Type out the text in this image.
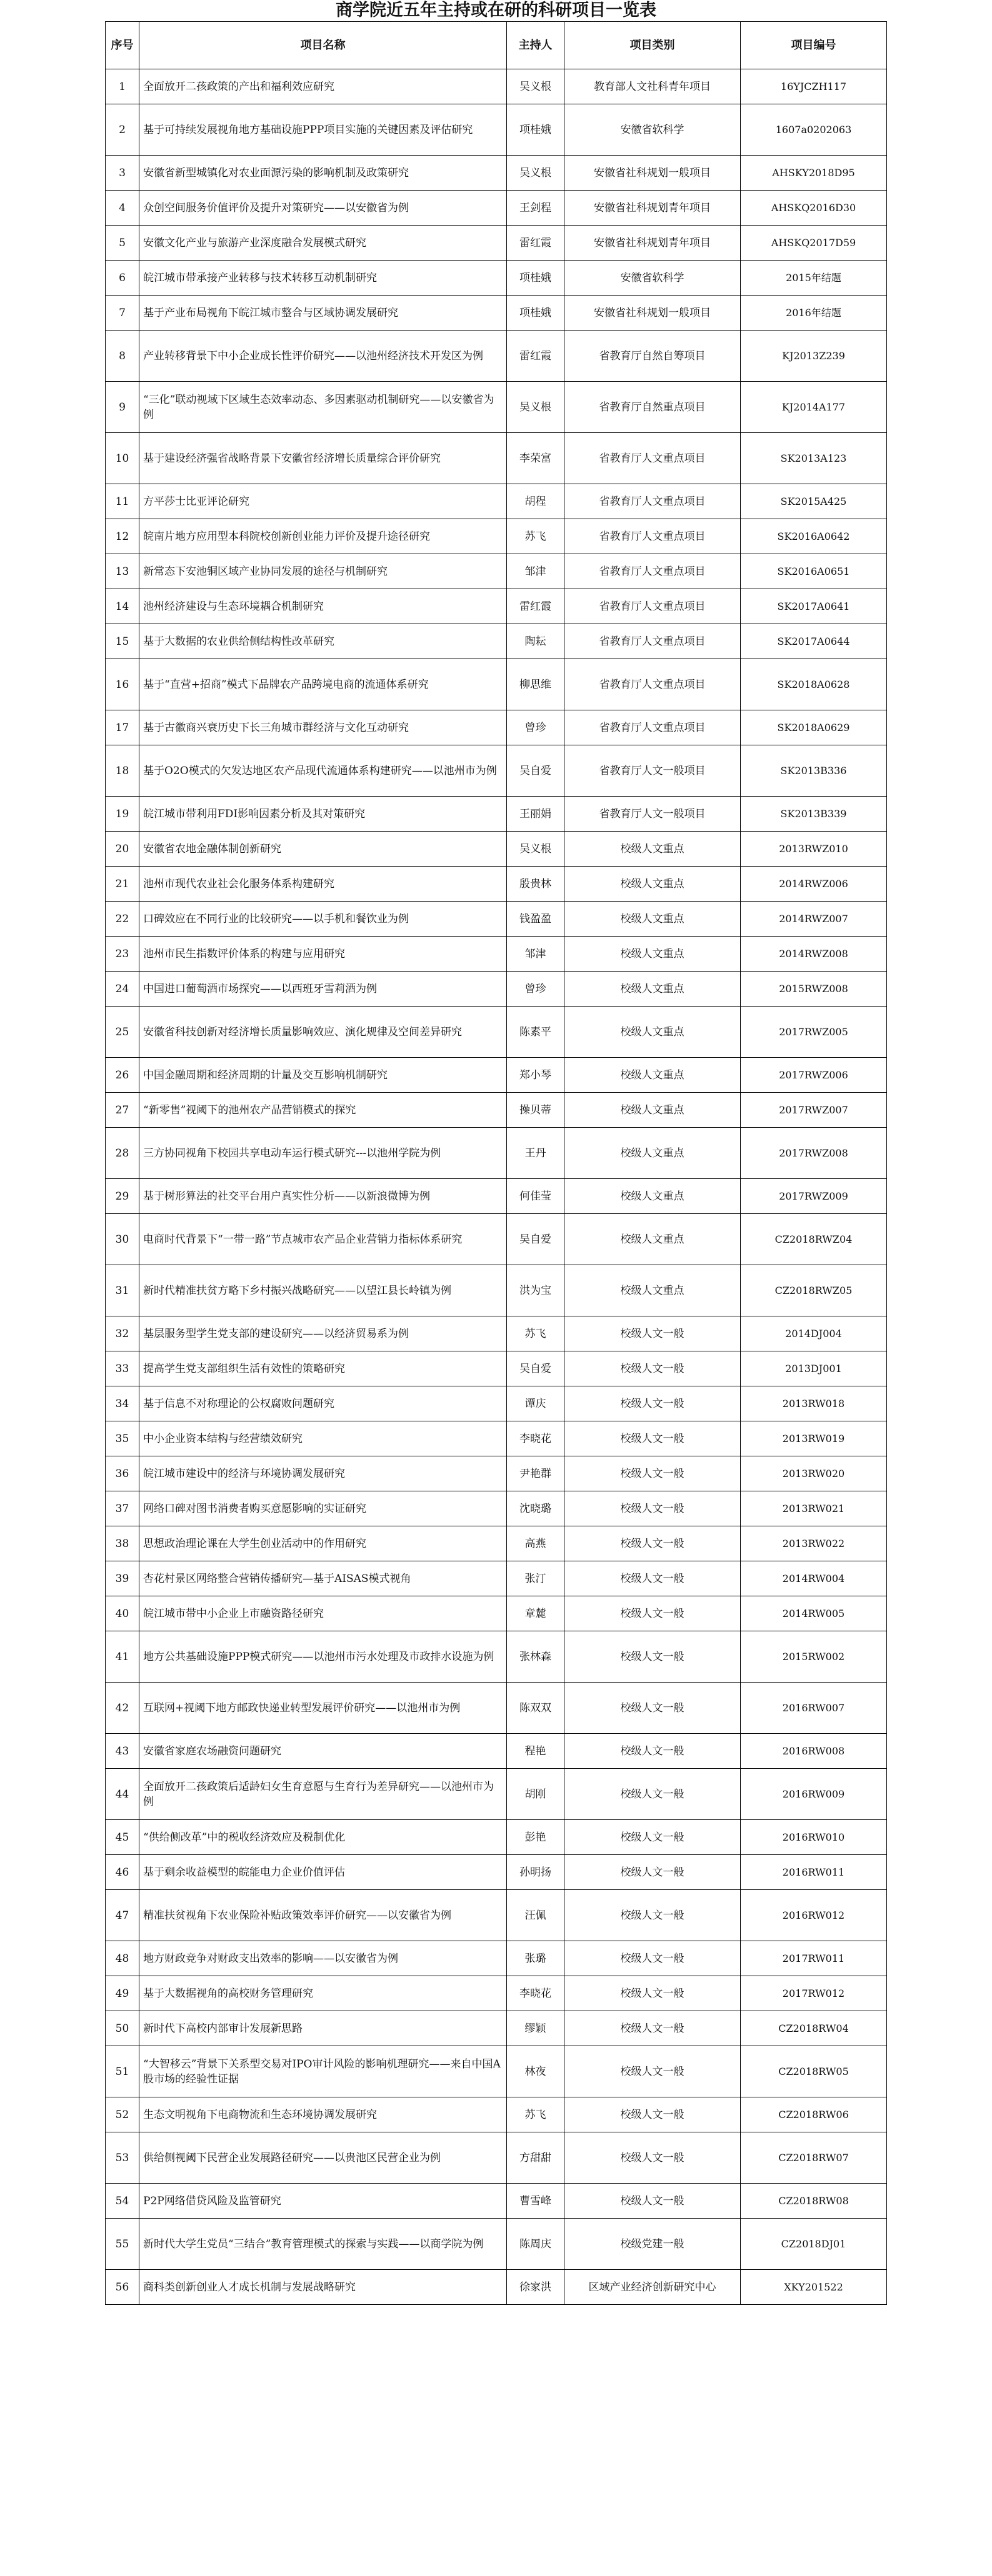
商学院近五年主持或在研的科研项目一览表
序号	项目名称	主持人	项目类别	项目编号
1	全面放开二孩政策的产出和福利效应研究	吴义根	教育部人文社科青年项目	16YJCZH117
2	基于可持续发展视角地方基础设施PPP项目实施的关键因素及评估研究	项桂娥	安徽省软科学	1607a0202063
3	安徽省新型城镇化对农业面源污染的影响机制及政策研究	吴义根	安徽省社科规划一般项目	AHSKY2018D95
4	众创空间服务价值评价及提升对策研究——以安徽省为例	王剑程	安徽省社科规划青年项目	AHSKQ2016D30
5	安徽文化产业与旅游产业深度融合发展模式研究	雷红霞	安徽省社科规划青年项目	AHSKQ2017D59
6	皖江城市带承接产业转移与技术转移互动机制研究	项桂娥	安徽省软科学	2015年结题
7	基于产业布局视角下皖江城市整合与区域协调发展研究	项桂娥	安徽省社科规划一般项目	2016年结题
8	产业转移背景下中小企业成长性评价研究——以池州经济技术开发区为例	雷红霞	省教育厅自然自筹项目	KJ2013Z239
9	“三化”联动视域下区域生态效率动态、多因素驱动机制研究——以安徽省为例	吴义根	省教育厅自然重点项目	KJ2014A177
10	基于建设经济强省战略背景下安徽省经济增长质量综合评价研究	李荣富	省教育厅人文重点项目	SK2013A123
11	方平莎士比亚评论研究	胡程	省教育厅人文重点项目	SK2015A425
12	皖南片地方应用型本科院校创新创业能力评价及提升途径研究	苏飞	省教育厅人文重点项目	SK2016A0642
13	新常态下安池铜区域产业协同发展的途径与机制研究	邹津	省教育厅人文重点项目	SK2016A0651
14	池州经济建设与生态环境耦合机制研究	雷红霞	省教育厅人文重点项目	SK2017A0641
15	基于大数据的农业供给侧结构性改革研究	陶耘	省教育厅人文重点项目	SK2017A0644
16	基于“直营+招商”模式下品牌农产品跨境电商的流通体系研究	柳思维	省教育厅人文重点项目	SK2018A0628
17	基于古徽商兴衰历史下长三角城市群经济与文化互动研究	曾珍	省教育厅人文重点项目	SK2018A0629
18	基于O2O模式的欠发达地区农产品现代流通体系构建研究——以池州市为例	吴自爱	省教育厅人文一般项目	SK2013B336
19	皖江城市带利用FDI影响因素分析及其对策研究	王丽娟	省教育厅人文一般项目	SK2013B339
20	安徽省农地金融体制创新研究	吴义根	校级人文重点	2013RWZ010
21	池州市现代农业社会化服务体系构建研究	殷贵林	校级人文重点	2014RWZ006
22	口碑效应在不同行业的比较研究——以手机和餐饮业为例	钱盈盈	校级人文重点	2014RWZ007
23	池州市民生指数评价体系的构建与应用研究	邹津	校级人文重点	2014RWZ008
24	中国进口葡萄酒市场探究——以西班牙雪莉酒为例	曾珍	校级人文重点	2015RWZ008
25	安徽省科技创新对经济增长质量影响效应、演化规律及空间差异研究	陈素平	校级人文重点	2017RWZ005
26	中国金融周期和经济周期的计量及交互影响机制研究	郑小琴	校级人文重点	2017RWZ006
27	“新零售”视阈下的池州农产品营销模式的探究	操贝蒂	校级人文重点	2017RWZ007
28	三方协同视角下校园共享电动车运行模式研究---以池州学院为例	王丹	校级人文重点	2017RWZ008
29	基于树形算法的社交平台用户真实性分析——以新浪微博为例	何佳莹	校级人文重点	2017RWZ009
30	电商时代背景下“一带一路”节点城市农产品企业营销力指标体系研究	吴自爱	校级人文重点	CZ2018RWZ04
31	新时代精准扶贫方略下乡村振兴战略研究——以望江县长岭镇为例	洪为宝	校级人文重点	CZ2018RWZ05
32	基层服务型学生党支部的建设研究——以经济贸易系为例	苏飞	校级人文一般	2014DJ004
33	提高学生党支部组织生活有效性的策略研究	吴自爱	校级人文一般	2013DJ001
34	基于信息不对称理论的公权腐败问题研究	谭庆	校级人文一般	2013RW018
35	中小企业资本结构与经营绩效研究	李晓花	校级人文一般	2013RW019
36	皖江城市建设中的经济与环境协调发展研究	尹艳群	校级人文一般	2013RW020
37	网络口碑对图书消费者购买意愿影响的实证研究	沈晓璐	校级人文一般	2013RW021
38	思想政治理论课在大学生创业活动中的作用研究	高燕	校级人文一般	2013RW022
39	杏花村景区网络整合营销传播研究—基于AISAS模式视角	张汀	校级人文一般	2014RW004
40	皖江城市带中小企业上市融资路径研究	章麓	校级人文一般	2014RW005
41	地方公共基础设施PPP模式研究——以池州市污水处理及市政排水设施为例	张林森	校级人文一般	2015RW002
42	互联网+视阈下地方邮政快递业转型发展评价研究——以池州市为例	陈双双	校级人文一般	2016RW007
43	安徽省家庭农场融资问题研究	程艳	校级人文一般	2016RW008
44	全面放开二孩政策后适龄妇女生育意愿与生育行为差异研究——以池州市为例	胡刚	校级人文一般	2016RW009
45	“供给侧改革”中的税收经济效应及税制优化	彭艳	校级人文一般	2016RW010
46	基于剩余收益模型的皖能电力企业价值评估	孙明扬	校级人文一般	2016RW011
47	精准扶贫视角下农业保险补贴政策效率评价研究——以安徽省为例	汪佩	校级人文一般	2016RW012
48	地方财政竞争对财政支出效率的影响——以安徽省为例	张璐	校级人文一般	2017RW011
49	基于大数据视角的高校财务管理研究	李晓花	校级人文一般	2017RW012
50	新时代下高校内部审计发展新思路	缪颖	校级人文一般	CZ2018RW04
51	“大智移云”背景下关系型交易对IPO审计风险的影响机理研究——来自中国A股市场的经验性证据	林夜	校级人文一般	CZ2018RW05
52	生态文明视角下电商物流和生态环境协调发展研究	苏飞	校级人文一般	CZ2018RW06
53	供给侧视阈下民营企业发展路径研究——以贵池区民营企业为例	方甜甜	校级人文一般	CZ2018RW07
54	P2P网络借贷风险及监管研究	曹雪峰	校级人文一般	CZ2018RW08
55	新时代大学生党员“三结合”教育管理模式的探索与实践——以商学院为例	陈周庆	校级党建一般	CZ2018DJ01
56	商科类创新创业人才成长机制与发展战略研究	徐家洪	区域产业经济创新研究中心	XKY201522
